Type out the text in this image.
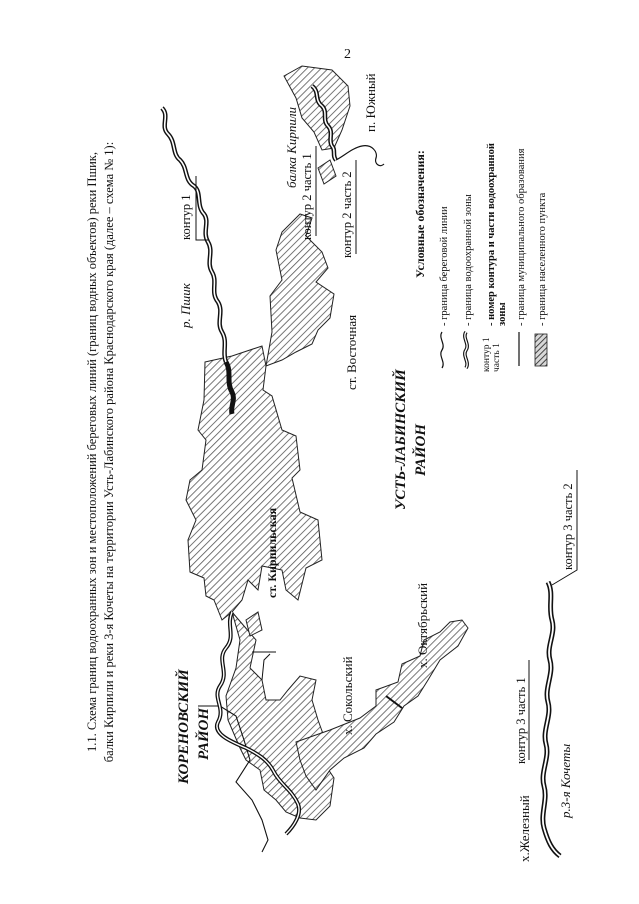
2
1.1. Схема границ водоохранных зон и местоположений береговых линий (границ водных объектов) реки Пшик, балки Кирпили и реки 3-я Кочеты на территории Усть-Лабинского района Краснодарского края (далее – схема № 1):	контур 1	контур 2 часть 1 контур 2 часть 2
контур 3 часть 1
контур 3 часть 2
р. Пшик
балка Кирпили
р.3-я Кочеты
ст. Кирпильская
ст. Восточная
п. Южный
х. Сокольский
х. Октябрьский
х.Железный
КОРЕНОВСКИЙ РАЙОН
УСТЬ-ЛАБИНСКИЙ РАЙОН
Условные обозначения: - граница береговой линии - граница водоохранной зоны
контур 1 часть 1
- номер контура и части водоохранной зоны - граница муниципального образования - граница населенного пункта
